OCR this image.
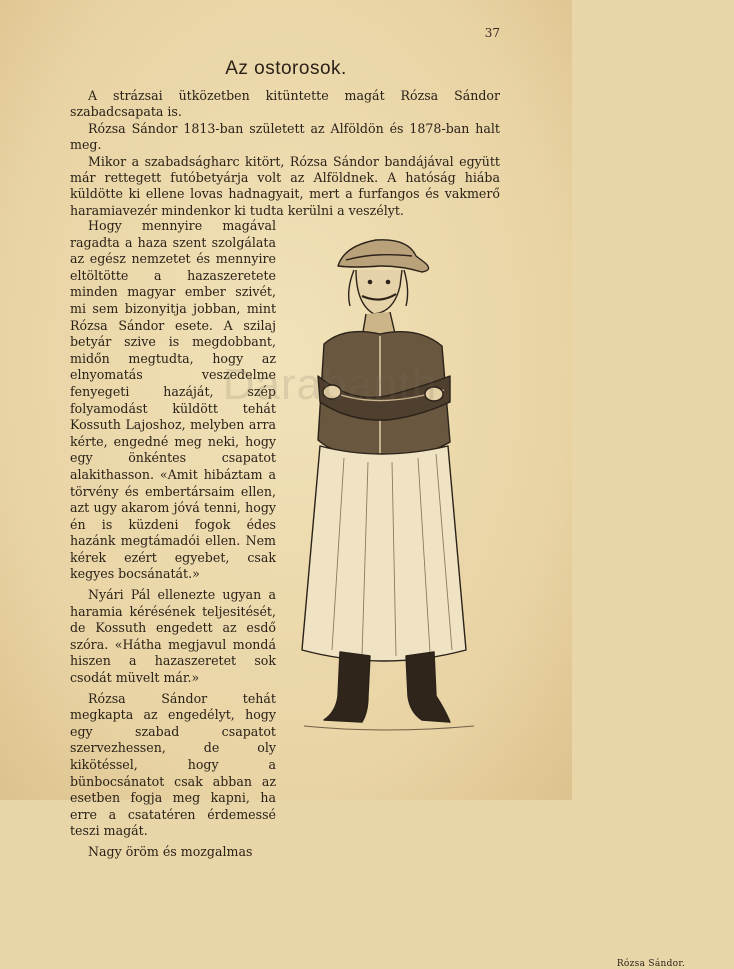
37
Az ostorosok.

A strázsai ütközetben kitüntette magát Rózsa Sándor szabadcsapata is.

Rózsa Sándor 1813-ban született az Alföldön és 1878-ban halt meg.

Mikor a szabadságharc kitört, Rózsa Sándor bandájával együtt már rettegett futóbetyárja volt az Alföldnek. A hatóság hiába küldötte ki ellene lovas hadnagyait, mert a furfangos és vakmerő haramiavezér mindenkor ki tudta kerülni a veszélyt.

Hogy mennyire magával ragadta a haza szent szolgálata az egész nemzetet és mennyire eltöltötte a hazaszeretete minden magyar ember szivét, mi sem bizonyitja jobban, mint Rózsa Sándor esete. A szilaj betyár szive is megdobbant, midőn megtudta, hogy az elnyomatás veszedelme fenyegeti hazáját, szép folyamodást küldött tehát Kossuth Lajoshoz, melyben arra kérte, engedné meg neki, hogy egy önkéntes csapatot alakithasson. «Amit hibáztam a törvény és embertársaim ellen, azt ugy akarom jóvá tenni, hogy én is küzdeni fogok édes hazánk megtámadói ellen. Nem kérek ezért egyebet, csak kegyes bocsánatát.»

Nyári Pál ellenezte ugyan a haramia kérésének teljesitését, de Kossuth engedett az esdő szóra. «Háthа megjavul mondá hiszen a hazaszeretet sok csodát müvelt már.»

Rózsa Sándor tehát megkapta az engedélyt, hogy egy szabad csapatot szervezhessen, de oly kikötéssel, hogy a bünbocsánatot csak abban az esetben fogja meg kapni, ha erre a csatatéren érdemessé teszi magát.

Nagy öröm és mozgalmas

Rózsa Sándor.
Darabanth
